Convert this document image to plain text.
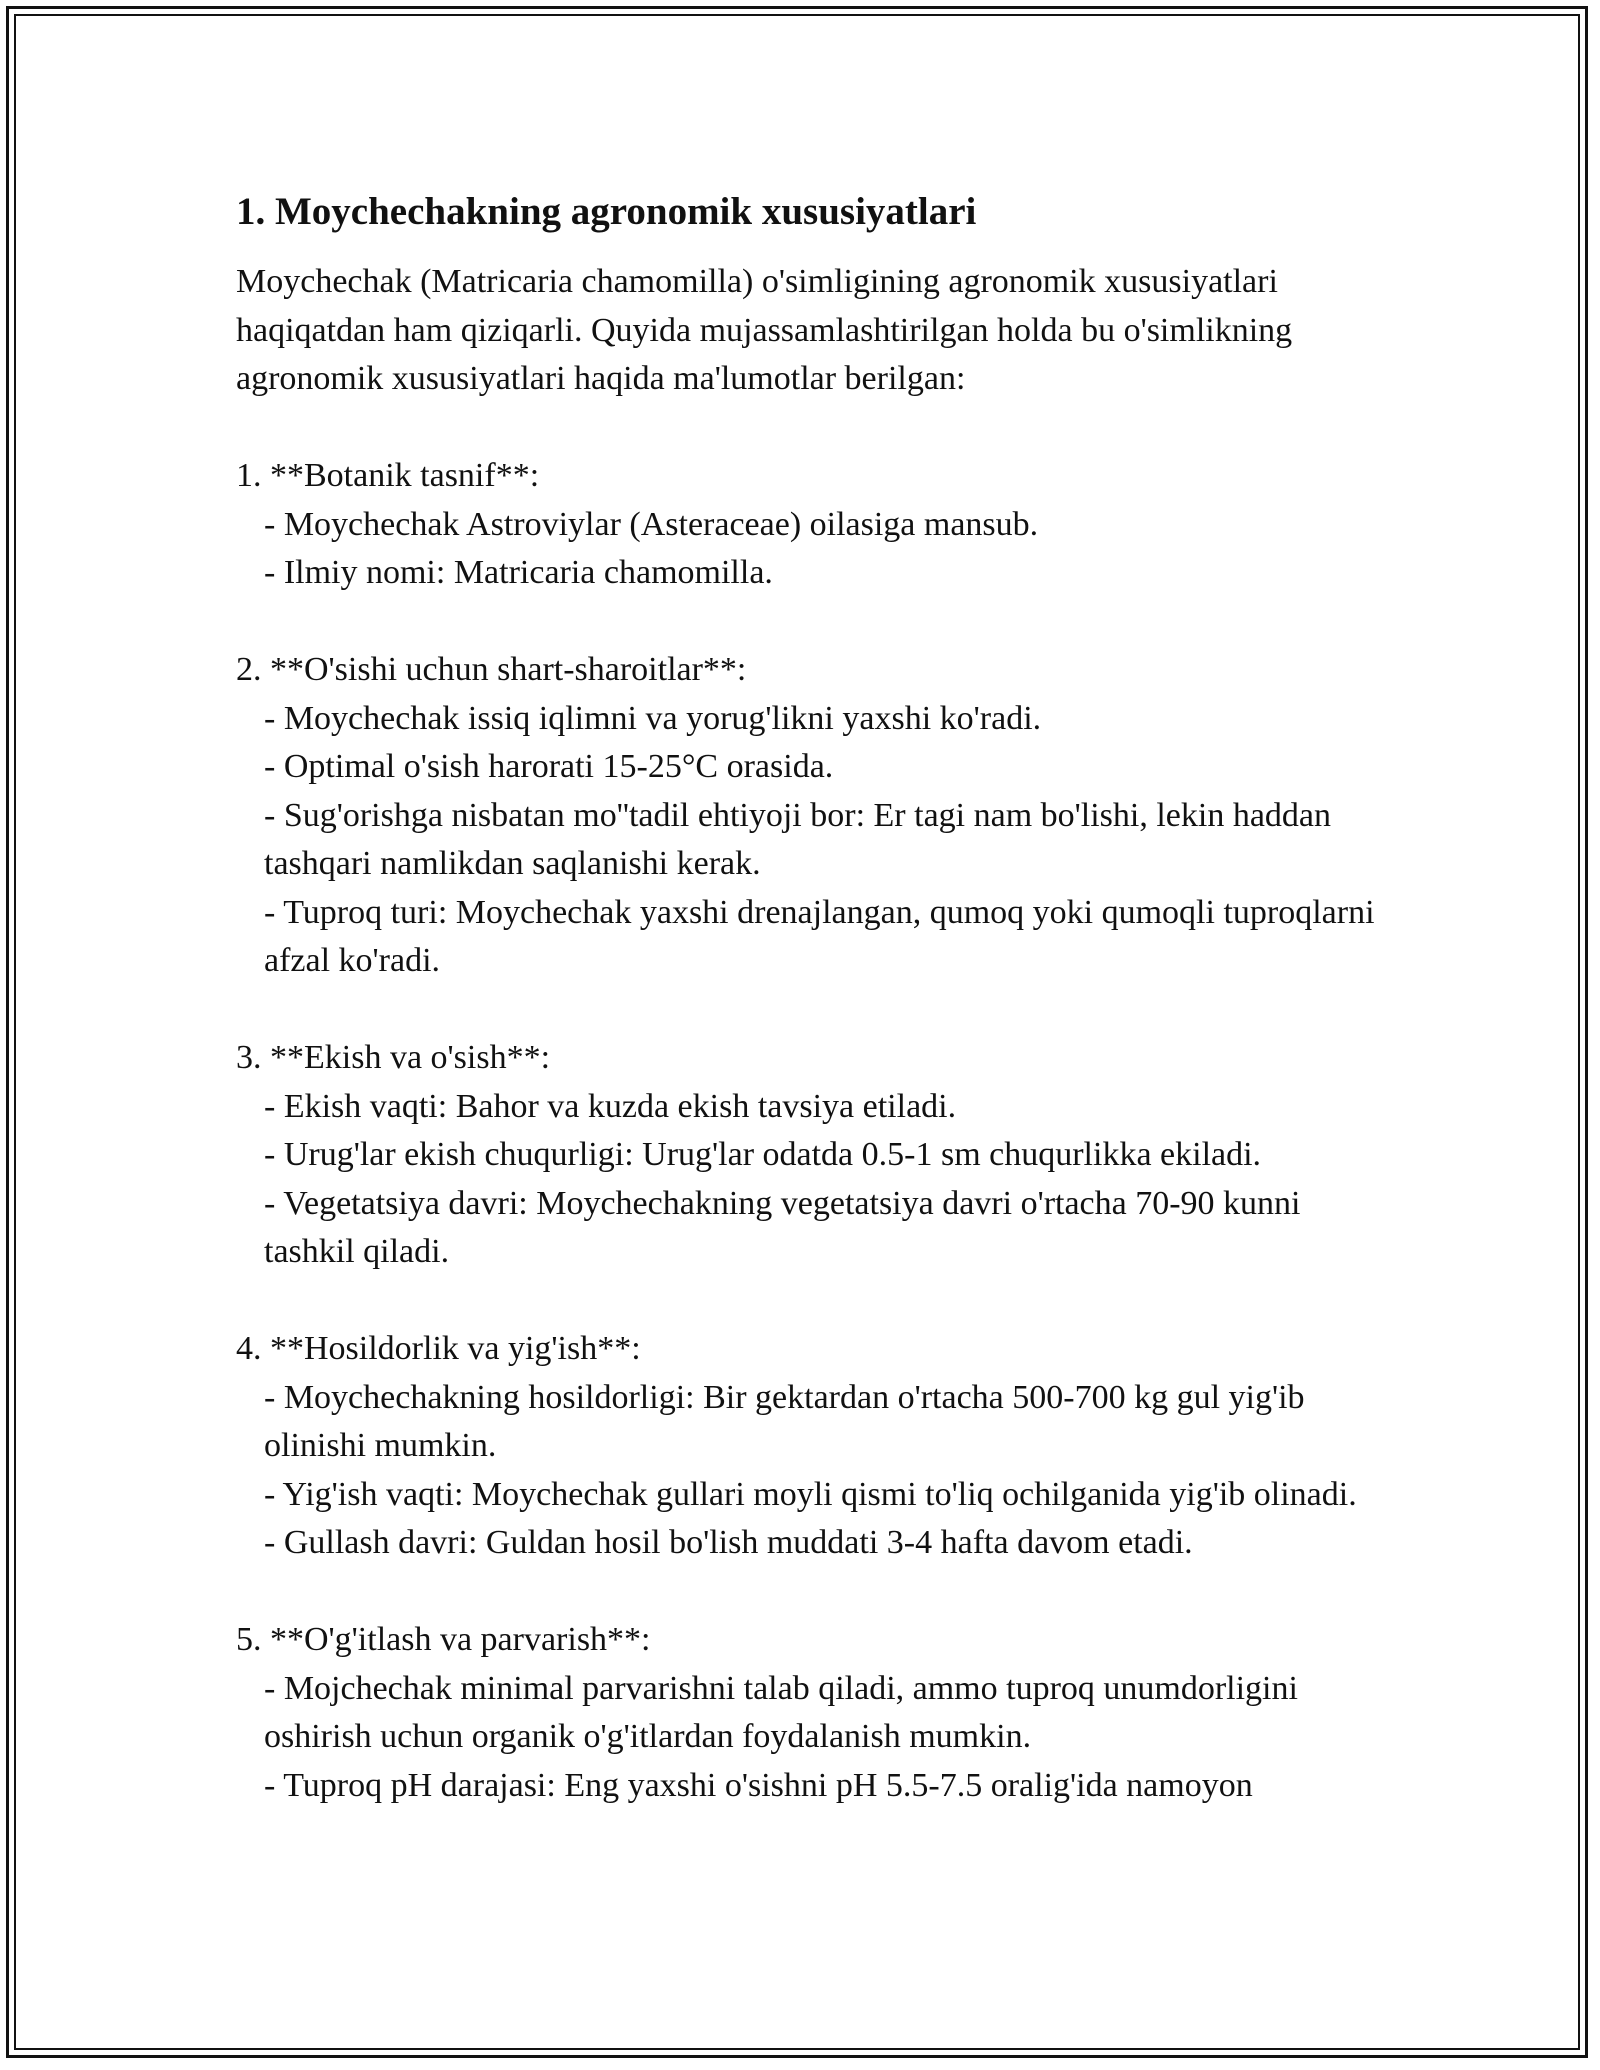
1. Moychechakning agronomik xususiyatlari

Moychechak (Matricaria chamomilla) o'simligining agronomik xususiyatlari haqiqatdan ham qiziqarli. Quyida mujassamlashtirilgan holda bu o'simlikning agronomik xususiyatlari haqida ma'lumotlar berilgan:

1. **Botanik tasnif**:
- Moychechak Astroviylar (Asteraceae) oilasiga mansub.
- Ilmiy nomi: Matricaria chamomilla.
2. **O'sishi uchun shart-sharoitlar**:
- Moychechak issiq iqlimni va yorug'likni yaxshi ko'radi.
- Optimal o'sish harorati 15-25°C orasida.
- Sug'orishga nisbatan mo''tadil ehtiyoji bor: Er tagi nam bo'lishi, lekin haddan tashqari namlikdan saqlanishi kerak.
- Tuproq turi: Moychechak yaxshi drenajlangan, qumoq yoki qumoqli tuproqlarni afzal ko'radi.
3. **Ekish va o'sish**:
- Ekish vaqti: Bahor va kuzda ekish tavsiya etiladi.
- Urug'lar ekish chuqurligi: Urug'lar odatda 0.5-1 sm chuqurlikka ekiladi.
- Vegetatsiya davri: Moychechakning vegetatsiya davri o'rtacha 70-90 kunni tashkil qiladi.
4. **Hosildorlik va yig'ish**:
- Moychechakning hosildorligi: Bir gektardan o'rtacha 500-700 kg gul yig'ib olinishi mumkin.
- Yig'ish vaqti: Moychechak gullari moyli qismi to'liq ochilganida yig'ib olinadi.
- Gullash davri: Guldan hosil bo'lish muddati 3-4 hafta davom etadi.
5. **O'g'itlash va parvarish**:
- Mojchechak minimal parvarishni talab qiladi, ammo tuproq unumdorligini oshirish uchun organik o'g'itlardan foydalanish mumkin.
- Tuproq pH darajasi: Eng yaxshi o'sishni pH 5.5-7.5 oralig'ida namoyon
